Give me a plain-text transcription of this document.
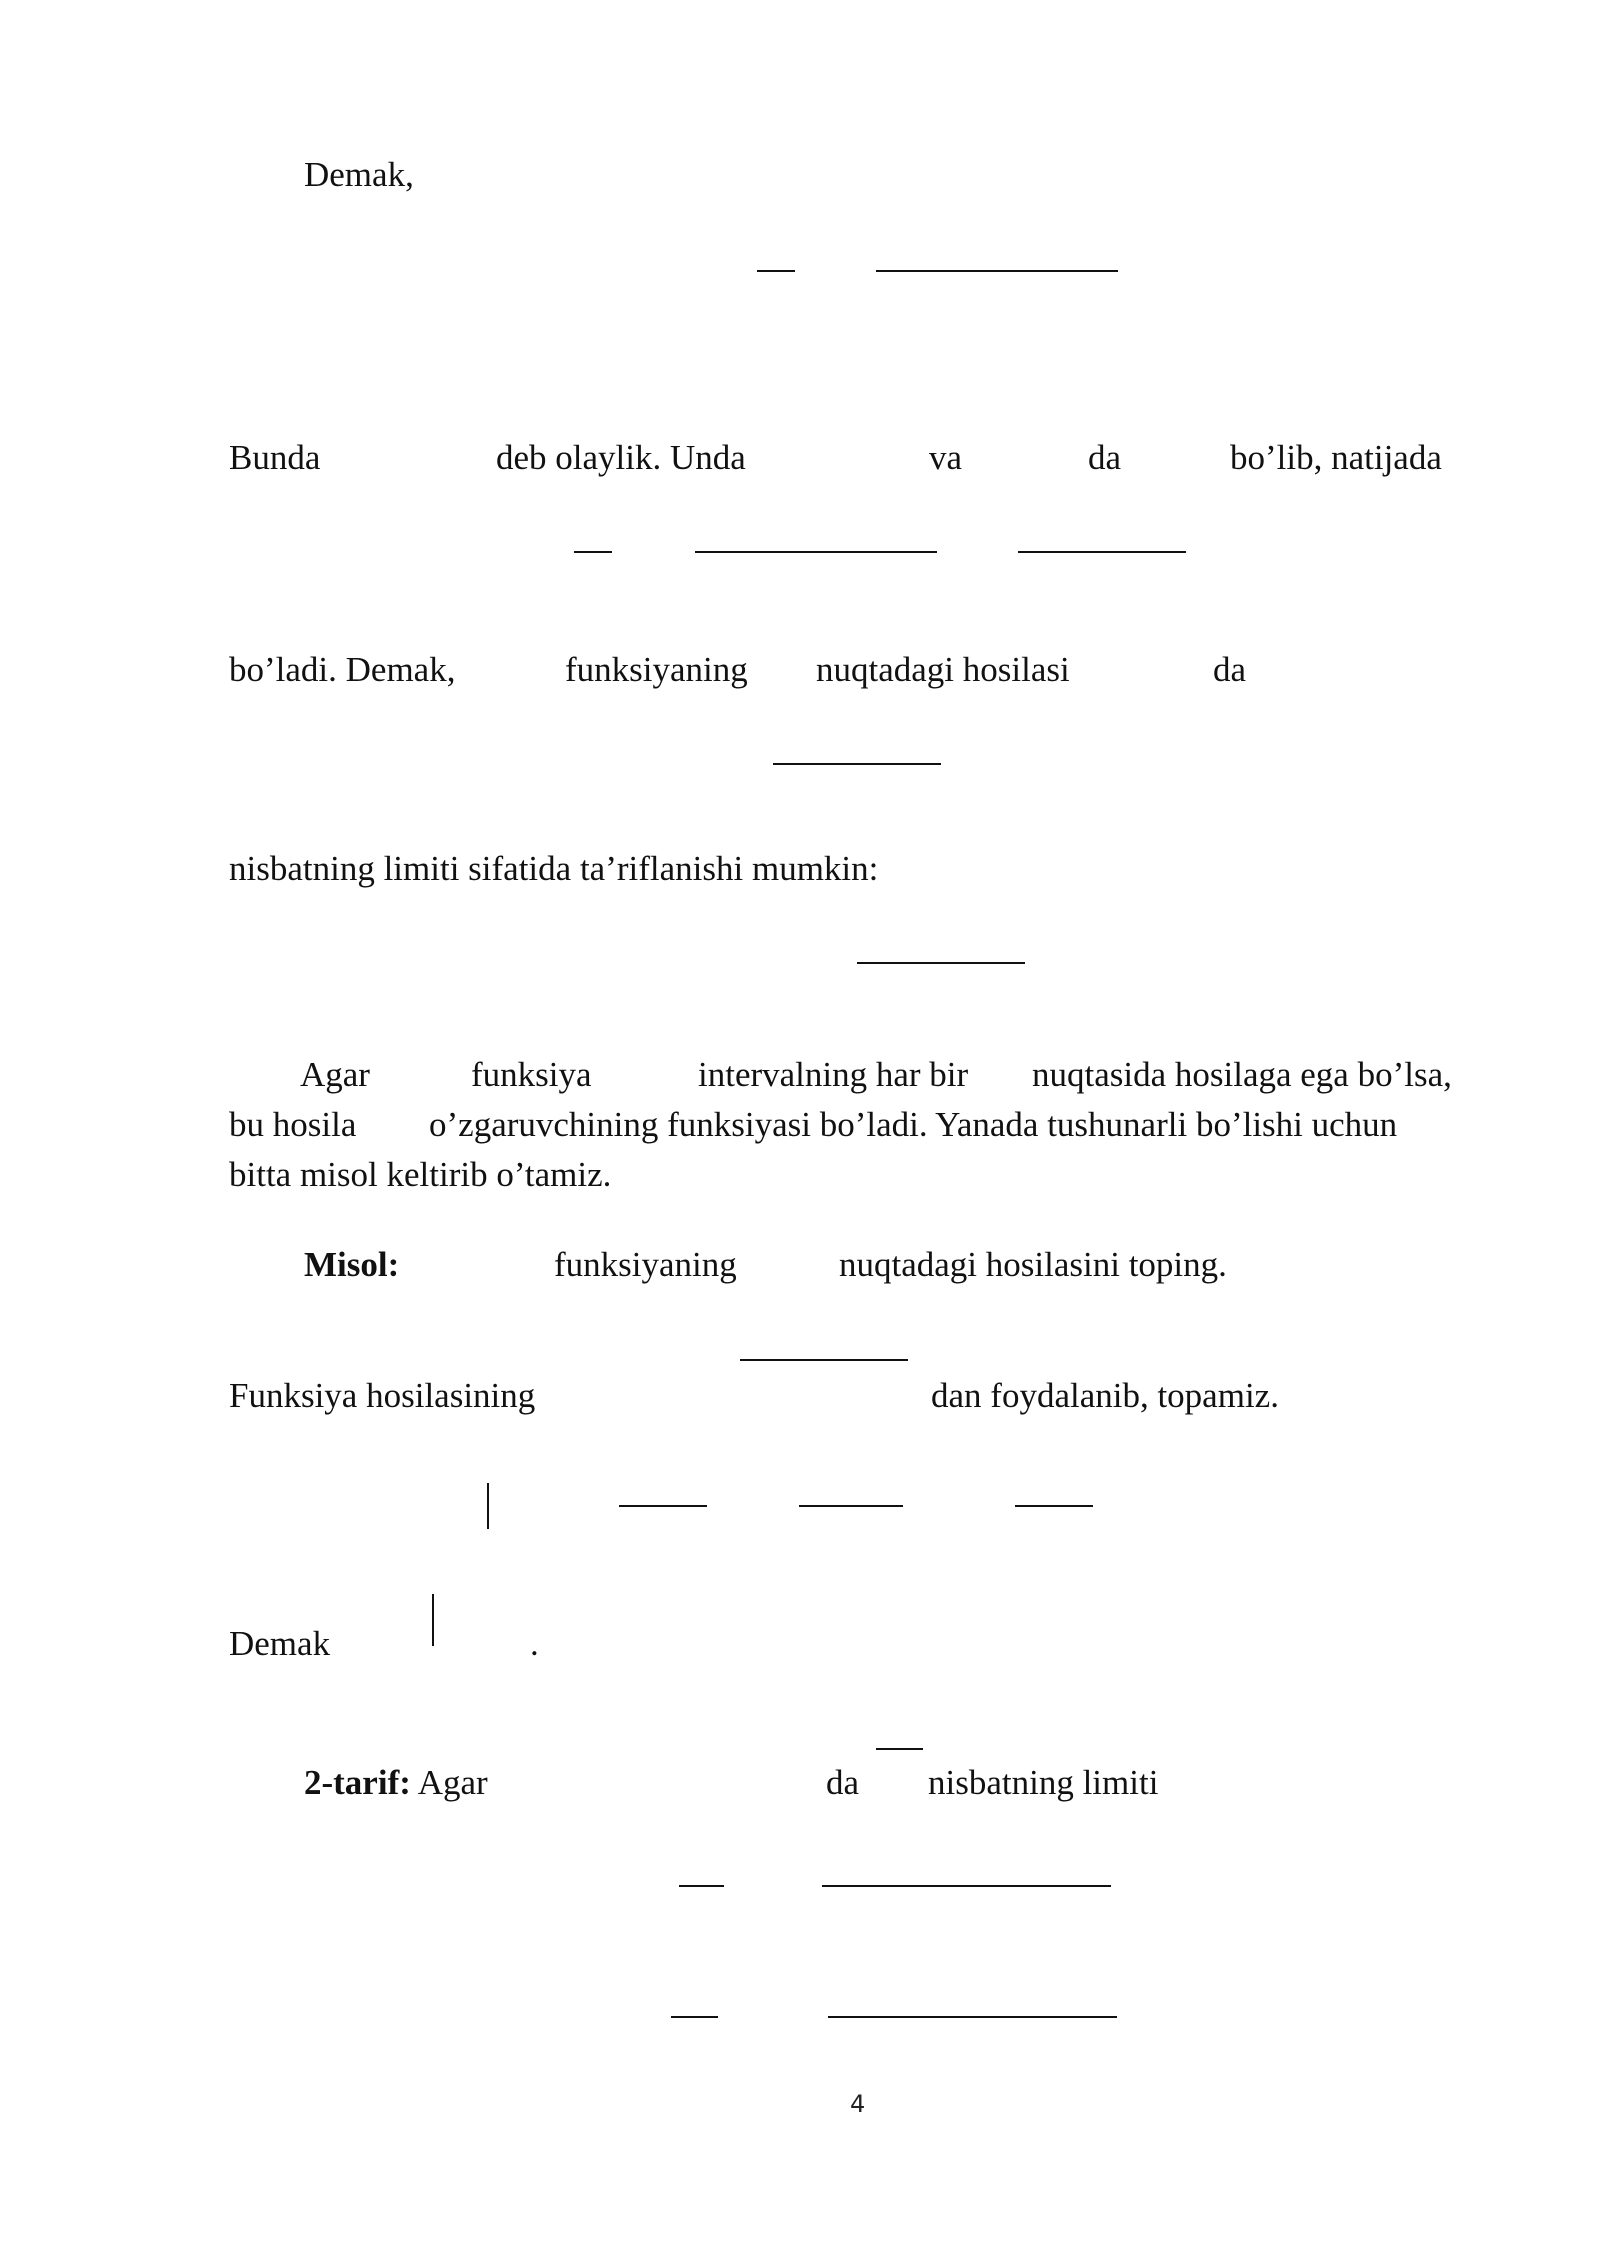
Demak,
Bunda	deb olaylik. Unda	va	da	bo’lib, natijada
bo’ladi. Demak,	funksiyaning nuqtadagi hosilasi	da
nisbatning limiti sifatida ta’riflanishi mumkin:
Agar	funksiya	intervalning har bir nuqtasida hosilaga ega bo’lsa,
bu hosila o’zgaruvchining funksiyasi bo’ladi. Yanada tushunarli bo’lishi uchun
bitta misol keltirib o’tamiz.
Misol:	funksiyaning	nuqtadagi hosilasini toping.
Funksiya hosilasining	dan foydalanib, topamiz.
Demak	.
2-tarif: Agar	da nisbatning limiti
4
